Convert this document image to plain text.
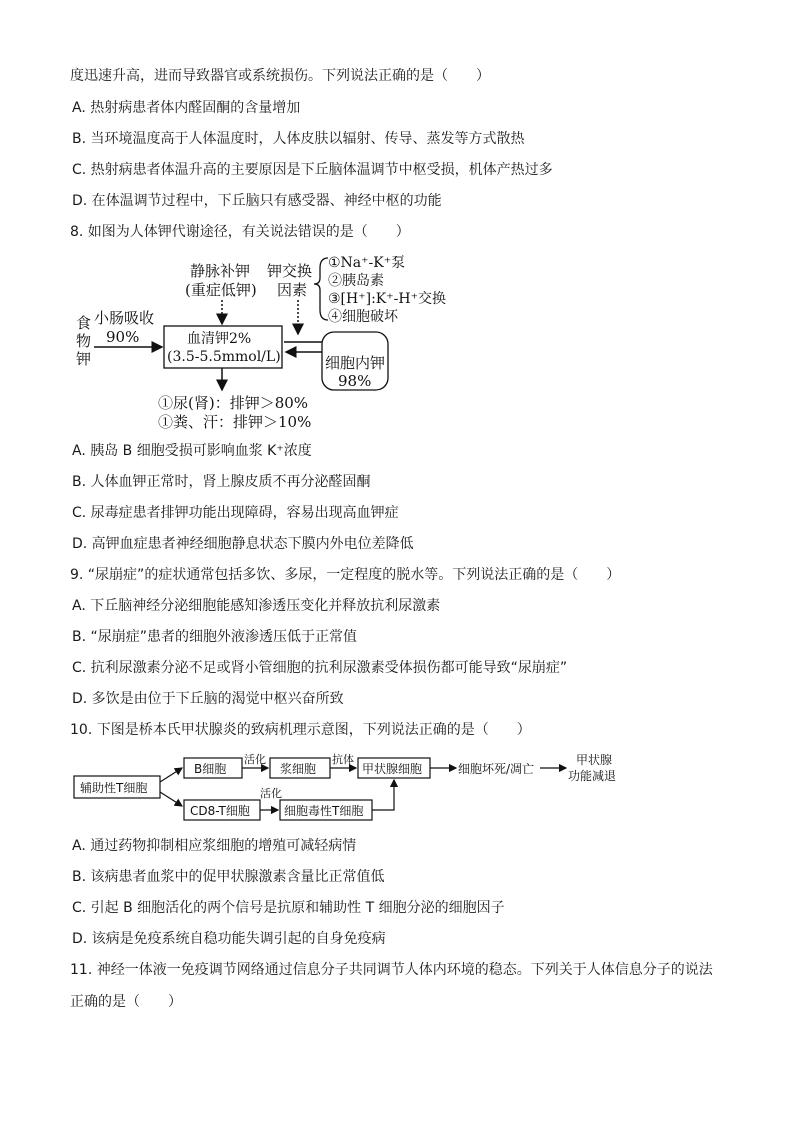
度迅速升高，进而导致器官或系统损伤。下列说法正确的是（　　）
A. 热射病患者体内醛固酮的含量增加
B. 当环境温度高于人体温度时，人体皮肤以辐射、传导、蒸发等方式散热
C. 热射病患者体温升高的主要原因是下丘脑体温调节中枢受损，机体产热过多
D. 在体温调节过程中，下丘脑只有感受器、神经中枢的功能
8. 如图为人体钾代谢途径，有关说法错误的是（　　）
食
物
钾
小肠吸收
90%
静脉补钾
(重症低钾)
钾交换
因素
①Na⁺-K⁺泵
②胰岛素
③[H⁺]:K⁺-H⁺交换
④细胞破坏
血清钾2%
(3.5-5.5mmol/L)	细胞内钾
98%
①尿(肾)：排钾＞80%
①粪、汗：排钾＞10%
A. 胰岛 B 细胞受损可影响血浆 K⁺浓度
B. 人体血钾正常时，肾上腺皮质不再分泌醛固酮
C. 尿毒症患者排钾功能出现障碍，容易出现高血钾症
D. 高钾血症患者神经细胞静息状态下膜内外电位差降低
9. “尿崩症”的症状通常包括多饮、多尿，一定程度的脱水等。下列说法正确的是（　　）
A. 下丘脑神经分泌细胞能感知渗透压变化并释放抗利尿激素
B. “尿崩症”患者的细胞外液渗透压低于正常值
C. 抗利尿激素分泌不足或肾小管细胞的抗利尿激素受体损伤都可能导致“尿崩症”
D. 多饮是由位于下丘脑的渴觉中枢兴奋所致
10. 下图是桥本氏甲状腺炎的致病机理示意图，下列说法正确的是（　　）
辅助性T细胞
B细胞
活化
浆细胞
抗体
甲状腺细胞	细胞坏死/凋亡
甲状腺
功能减退
CD8-T细胞
活化
细胞毒性T细胞
A. 通过药物抑制相应浆细胞的增殖可减轻病情
B. 该病患者血浆中的促甲状腺激素含量比正常值低
C. 引起 B 细胞活化的两个信号是抗原和辅助性 T 细胞分泌的细胞因子
D. 该病是免疫系统自稳功能失调引起的自身免疫病
11. 神经一体液一免疫调节网络通过信息分子共同调节人体内环境的稳态。下列关于人体信息分子的说法
正确的是（　　）
